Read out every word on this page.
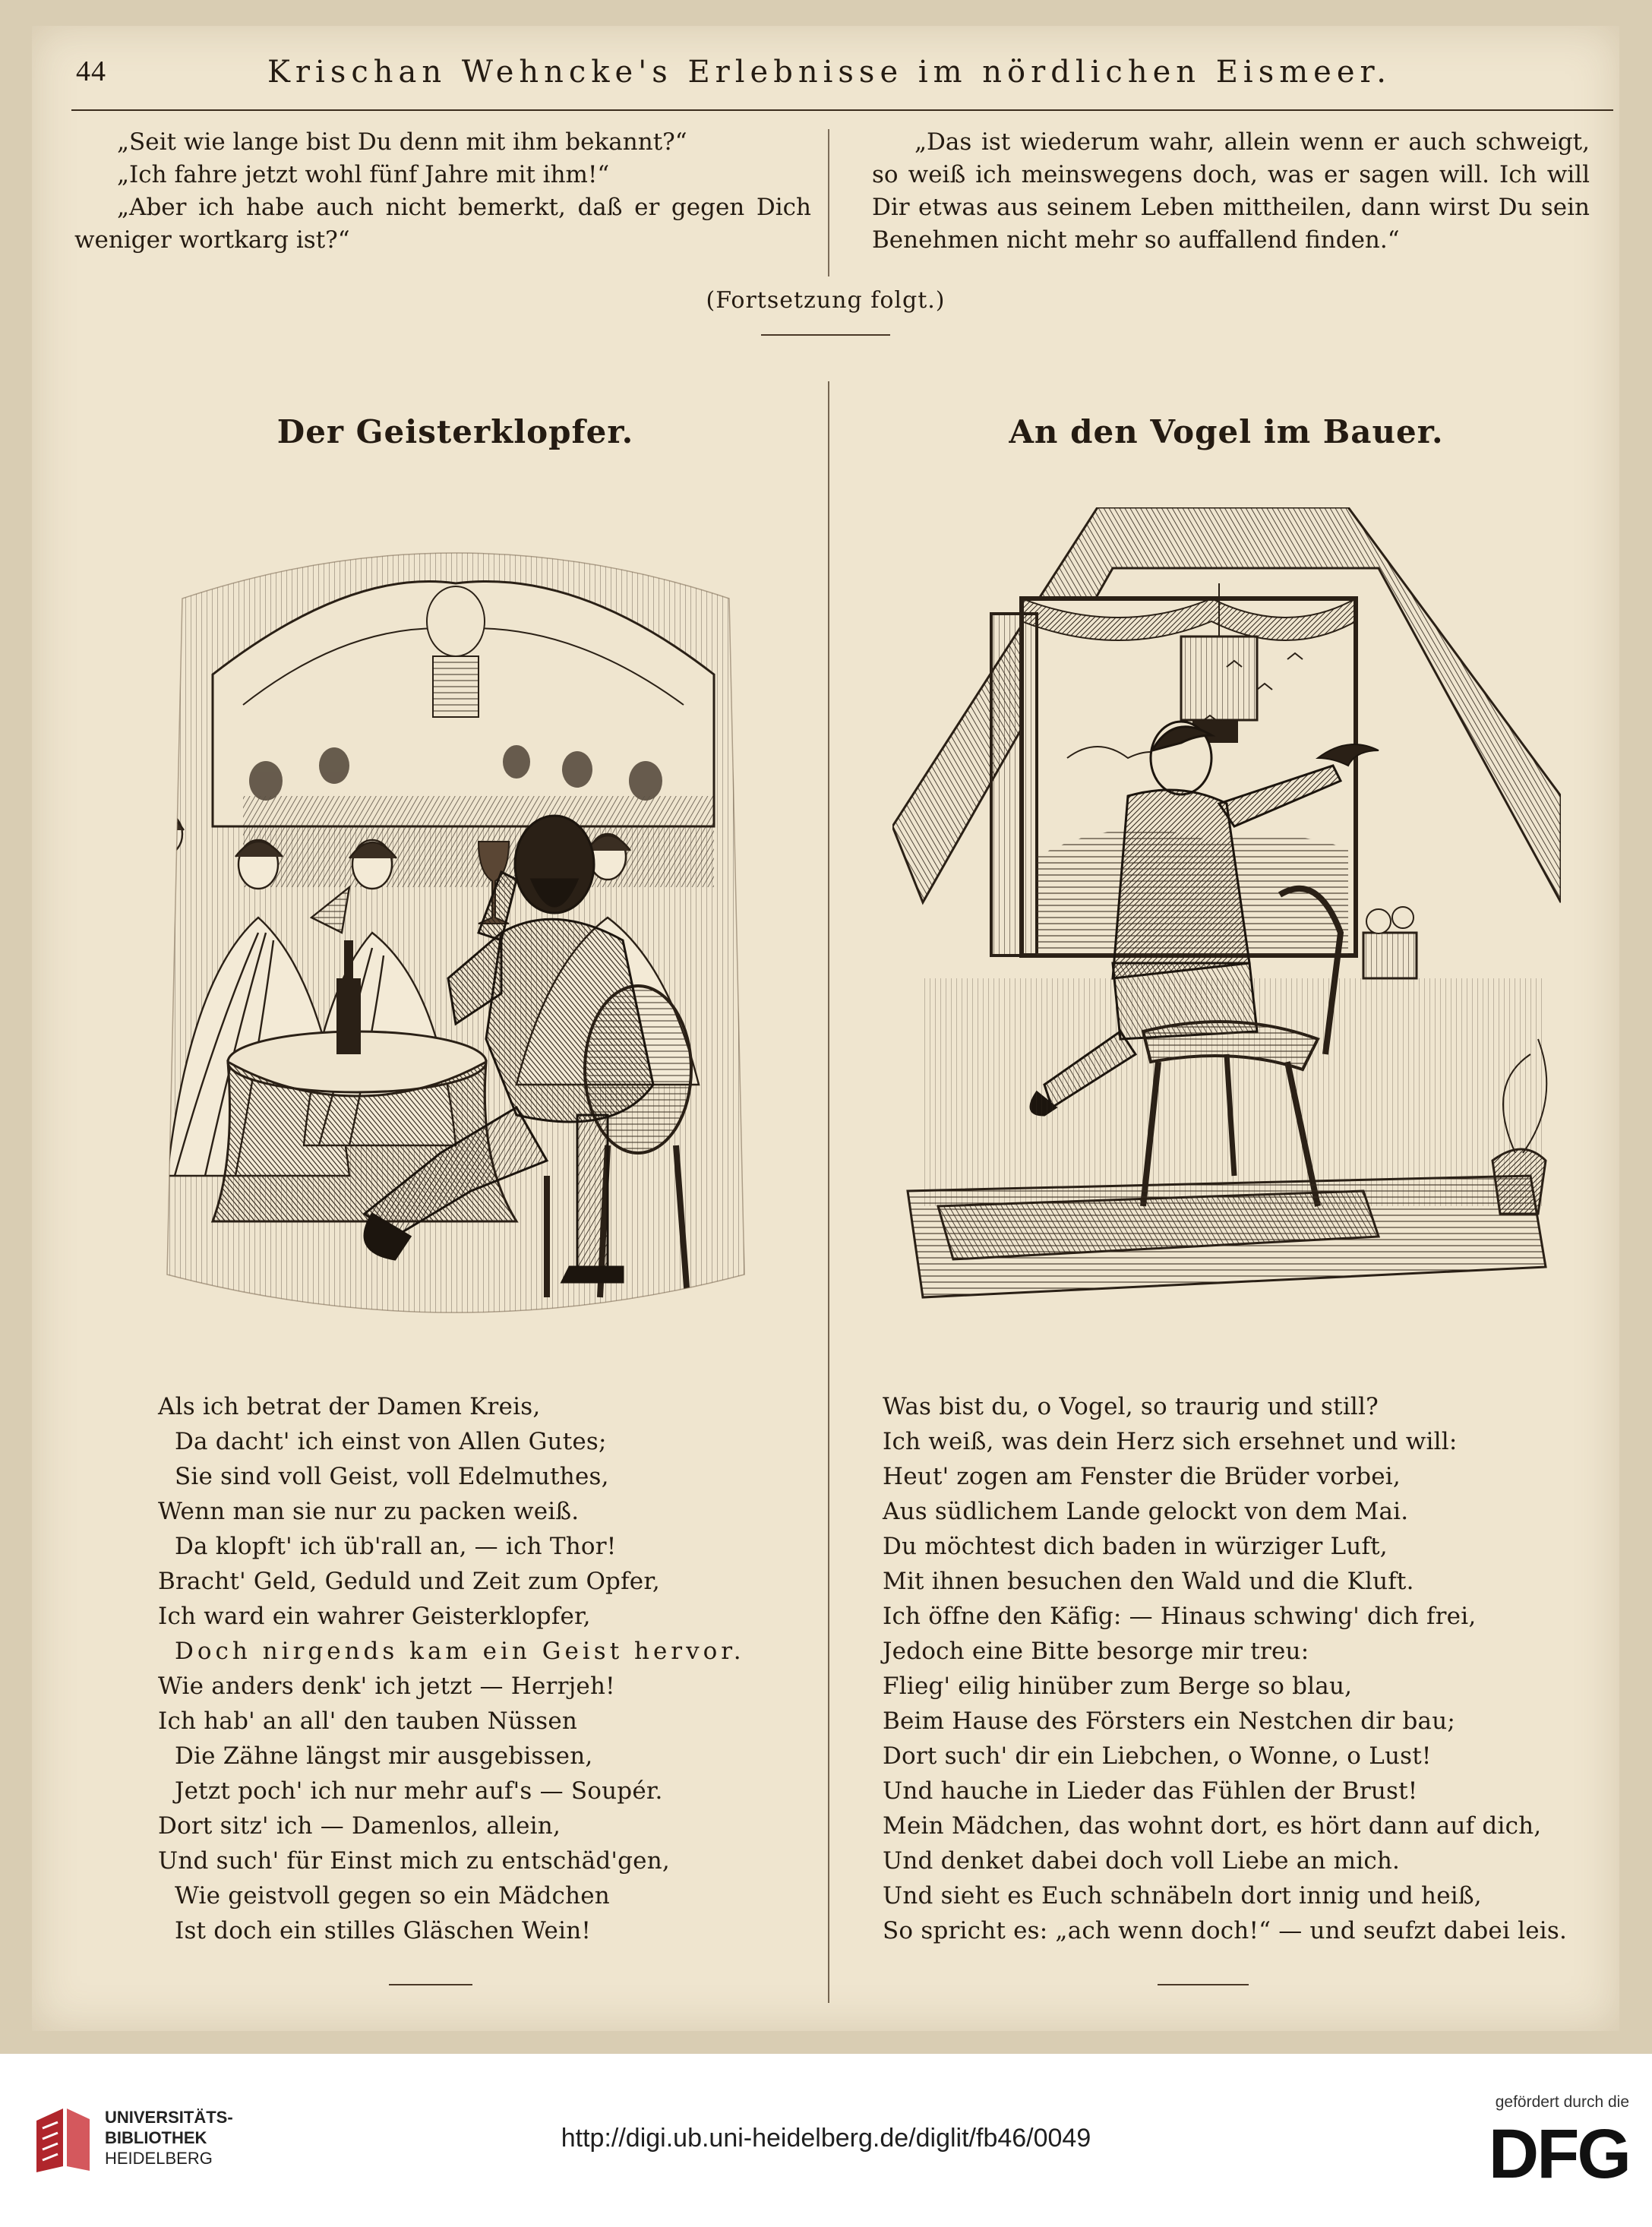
44	Krischan Wehncke's Erlebnisse im nördlichen Eismeer.

„Seit wie lange bist Du denn mit ihm bekannt?“

„Ich fahre jetzt wohl fünf Jahre mit ihm!“

„Aber ich habe auch nicht bemerkt, daß er gegen Dich weniger wortkarg ist?“

„Das ist wiederum wahr, allein wenn er auch schweigt, so weiß ich meinswegens doch, was er sagen will. Ich will Dir etwas aus seinem Leben mittheilen, dann wirst Du sein Benehmen nicht mehr so auffallend finden.“

(Fortsetzung folgt.)
Der Geisterklopfer.
Als ich betrat der Damen Kreis,
Da dacht' ich einst von Allen Gutes;
Sie sind voll Geist, voll Edelmuthes,
Wenn man sie nur zu packen weiß.
Da klopft' ich üb'rall an, — ich Thor!
Bracht' Geld, Geduld und Zeit zum Opfer,
Ich ward ein wahrer Geisterklopfer,
Doch nirgends kam ein Geist hervor.
Wie anders denk' ich jetzt — Herrjeh!
Ich hab' an all' den tauben Nüssen
Die Zähne längst mir ausgebissen,
Jetzt poch' ich nur mehr auf's — Soupér.
Dort sitz' ich — Damenlos, allein,
Und such' für Einst mich zu entschäd'gen,
Wie geistvoll gegen so ein Mädchen
Ist doch ein stilles Gläschen Wein!
An den Vogel im Bauer.
Was bist du, o Vogel, so traurig und still?
Ich weiß, was dein Herz sich ersehnet und will:
Heut' zogen am Fenster die Brüder vorbei,
Aus südlichem Lande gelockt von dem Mai.
Du möchtest dich baden in würziger Luft,
Mit ihnen besuchen den Wald und die Kluft.
Ich öffne den Käfig: — Hinaus schwing' dich frei,
Jedoch eine Bitte besorge mir treu:
Flieg' eilig hinüber zum Berge so blau,
Beim Hause des Försters ein Nestchen dir bau;
Dort such' dir ein Liebchen, o Wonne, o Lust!
Und hauche in Lieder das Fühlen der Brust!
Mein Mädchen, das wohnt dort, es hört dann auf dich,
Und denket dabei doch voll Liebe an mich.
Und sieht es Euch schnäbeln dort innig und heiß,
So spricht es: „ach wenn doch!“ — und seufzt dabei leis.
UNIVERSITÄTS-
BIBLIOTHEK
HEIDELBERG
http://digi.ub.uni-heidelberg.de/diglit/fb46/0049
gefördert durch die
DFG
